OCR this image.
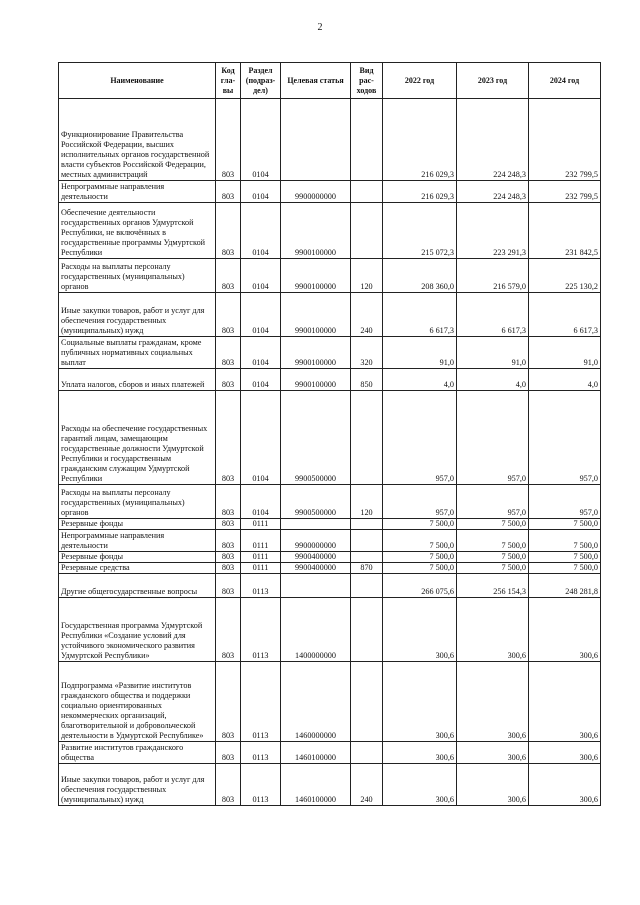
2
Наименование	Код гла-вы	Раздел (подраз-дел)	Целевая статья	Вид рас-ходов	2022 год	2023 год	2024 год
Функционирование Правительства Российской Федерации, высших исполнительных органов государственной власти субъектов Российской Федерации, местных администраций	803	0104			216 029,3	224 248,3	232 799,5
Непрограммные направления деятельности	803	0104	9900000000		216 029,3	224 248,3	232 799,5
Обеспечение деятельности государственных органов Удмуртской Республики, не включённых в государственные программы Удмуртской Республики	803	0104	9900100000		215 072,3	223 291,3	231 842,5
Расходы на выплаты персоналу государственных (муниципальных) органов	803	0104	9900100000	120	208 360,0	216 579,0	225 130,2
Иные закупки товаров, работ и услуг для обеспечения государственных (муниципальных) нужд	803	0104	9900100000	240	6 617,3	6 617,3	6 617,3
Социальные выплаты гражданам, кроме публичных нормативных социальных выплат	803	0104	9900100000	320	91,0	91,0	91,0
Уплата налогов, сборов и иных платежей	803	0104	9900100000	850	4,0	4,0	4,0
Расходы на обеспечение государственных гарантий лицам, замещающим государственные должности Удмуртской Республики и государственным гражданским служащим Удмуртской Республики	803	0104	9900500000		957,0	957,0	957,0
Расходы на выплаты персоналу государственных (муниципальных) органов	803	0104	9900500000	120	957,0	957,0	957,0
Резервные фонды	803	0111			7 500,0	7 500,0	7 500,0
Непрограммные направления деятельности	803	0111	9900000000		7 500,0	7 500,0	7 500,0
Резервные фонды	803	0111	9900400000		7 500,0	7 500,0	7 500,0
Резервные средства	803	0111	9900400000	870	7 500,0	7 500,0	7 500,0
Другие общегосударственные вопросы	803	0113			266 075,6	256 154,3	248 281,8
Государственная программа Удмуртской Республики «Создание условий для устойчивого экономического развития Удмуртской Республики»	803	0113	1400000000		300,6	300,6	300,6
Подпрограмма «Развитие институтов гражданского общества и поддержки социально ориентированных некоммерческих организаций, благотворительной и добровольческой деятельности в Удмуртской Республике»	803	0113	1460000000		300,6	300,6	300,6
Развитие институтов гражданского общества	803	0113	1460100000		300,6	300,6	300,6
Иные закупки товаров, работ и услуг для обеспечения государственных (муниципальных) нужд	803	0113	1460100000	240	300,6	300,6	300,6
